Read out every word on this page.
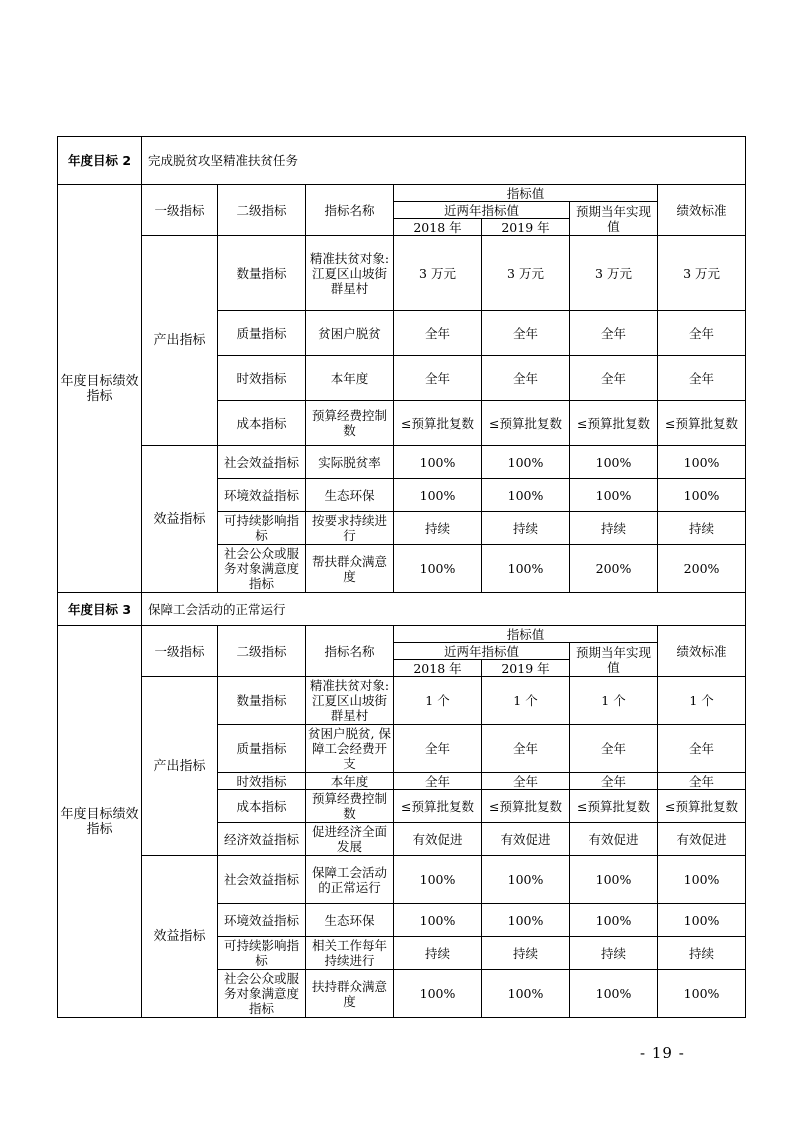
年度目标 2	完成脱贫攻坚精准扶贫任务						
年度目标绩效指标	一级指标	二级指标	指标名称	指标值			绩效标准
				近两年指标值		预期当年实现值	
				2018 年	2019 年		
	产出指标	数量指标	精准扶贫对象: 江夏区山坡街群星村	3 万元	3 万元	3 万元	3 万元
		质量指标	贫困户脱贫	全年	全年	全年	全年
		时效指标	本年度	全年	全年	全年	全年
		成本指标	预算经费控制数	≤预算批复数	≤预算批复数	≤预算批复数	≤预算批复数
	效益指标	社会效益指标	实际脱贫率	100%	100%	100%	100%
		环境效益指标	生态环保	100%	100%	100%	100%
		可持续影响指标	按要求持续进行	持续	持续	持续	持续
		社会公众或服务对象满意度指标	帮扶群众满意度	100%	100%	200%	200%
年度目标 3	保障工会活动的正常运行						
年度目标绩效指标	一级指标	二级指标	指标名称	指标值			绩效标准
				近两年指标值		预期当年实现值	
				2018 年	2019 年		
	产出指标	数量指标	精准扶贫对象: 江夏区山坡街群星村	1 个	1 个	1 个	1 个
		质量指标	贫困户脱贫, 保障工会经费开支	全年	全年	全年	全年
		时效指标	本年度	全年	全年	全年	全年
		成本指标	预算经费控制数	≤预算批复数	≤预算批复数	≤预算批复数	≤预算批复数
		经济效益指标	促进经济全面发展	有效促进	有效促进	有效促进	有效促进
	效益指标	社会效益指标	保障工会活动的正常运行	100%	100%	100%	100%
		环境效益指标	生态环保	100%	100%	100%	100%
		可持续影响指标	相关工作每年持续进行	持续	持续	持续	持续
		社会公众或服务对象满意度指标	扶持群众满意度	100%	100%	100%	100%
- 19 -
